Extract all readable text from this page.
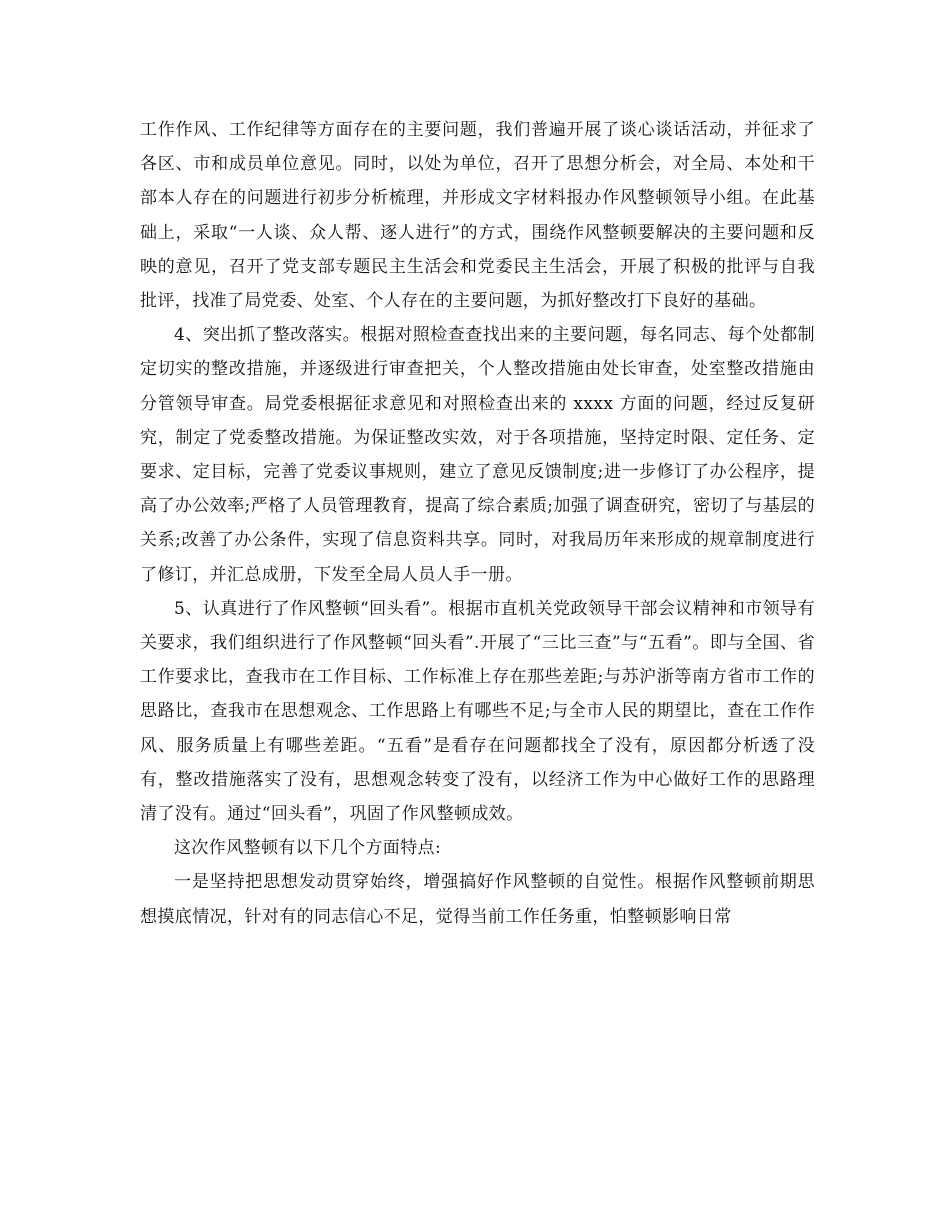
工作作风、工作纪律等方面存在的主要问题，我们普遍开展了谈心谈话活动，并征求了各区、市和成员单位意见。同时，以处为单位，召开了思想分析会，对全局、本处和干部本人存在的问题进行初步分析梳理，并形成文字材料报办作风整顿领导小组。在此基础上，采取“一人谈、众人帮、逐人进行”的方式，围绕作风整顿要解决的主要问题和反映的意见，召开了党支部专题民主生活会和党委民主生活会，开展了积极的批评与自我批评，找准了局党委、处室、个人存在的主要问题，为抓好整改打下良好的基础。

4、突出抓了整改落实。根据对照检查查找出来的主要问题，每名同志、每个处都制定切实的整改措施，并逐级进行审查把关，个人整改措施由处长审查，处室整改措施由分管领导审查。局党委根据征求意见和对照检查出来的 xxxx 方面的问题，经过反复研究，制定了党委整改措施。为保证整改实效，对于各项措施，坚持定时限、定任务、定要求、定目标，完善了党委议事规则，建立了意见反馈制度;进一步修订了办公程序，提高了办公效率;严格了人员管理教育，提高了综合素质;加强了调查研究，密切了与基层的关系;改善了办公条件，实现了信息资料共享。同时，对我局历年来形成的规章制度进行了修订，并汇总成册，下发至全局人员人手一册。

5、认真进行了作风整顿“回头看”。根据市直机关党政领导干部会议精神和市领导有关要求，我们组织进行了作风整顿“回头看”.开展了“三比三查”与“五看”。即与全国、省工作要求比，查我市在工作目标、工作标准上存在那些差距;与苏沪浙等南方省市工作的思路比，查我市在思想观念、工作思路上有哪些不足;与全市人民的期望比，查在工作作风、服务质量上有哪些差距。“五看”是看存在问题都找全了没有，原因都分析透了没有，整改措施落实了没有，思想观念转变了没有，以经济工作为中心做好工作的思路理清了没有。通过“回头看”，巩固了作风整顿成效。

这次作风整顿有以下几个方面特点:

一是坚持把思想发动贯穿始终，增强搞好作风整顿的自觉性。根据作风整顿前期思想摸底情况，针对有的同志信心不足，觉得当前工作任务重，怕整顿影响日常
